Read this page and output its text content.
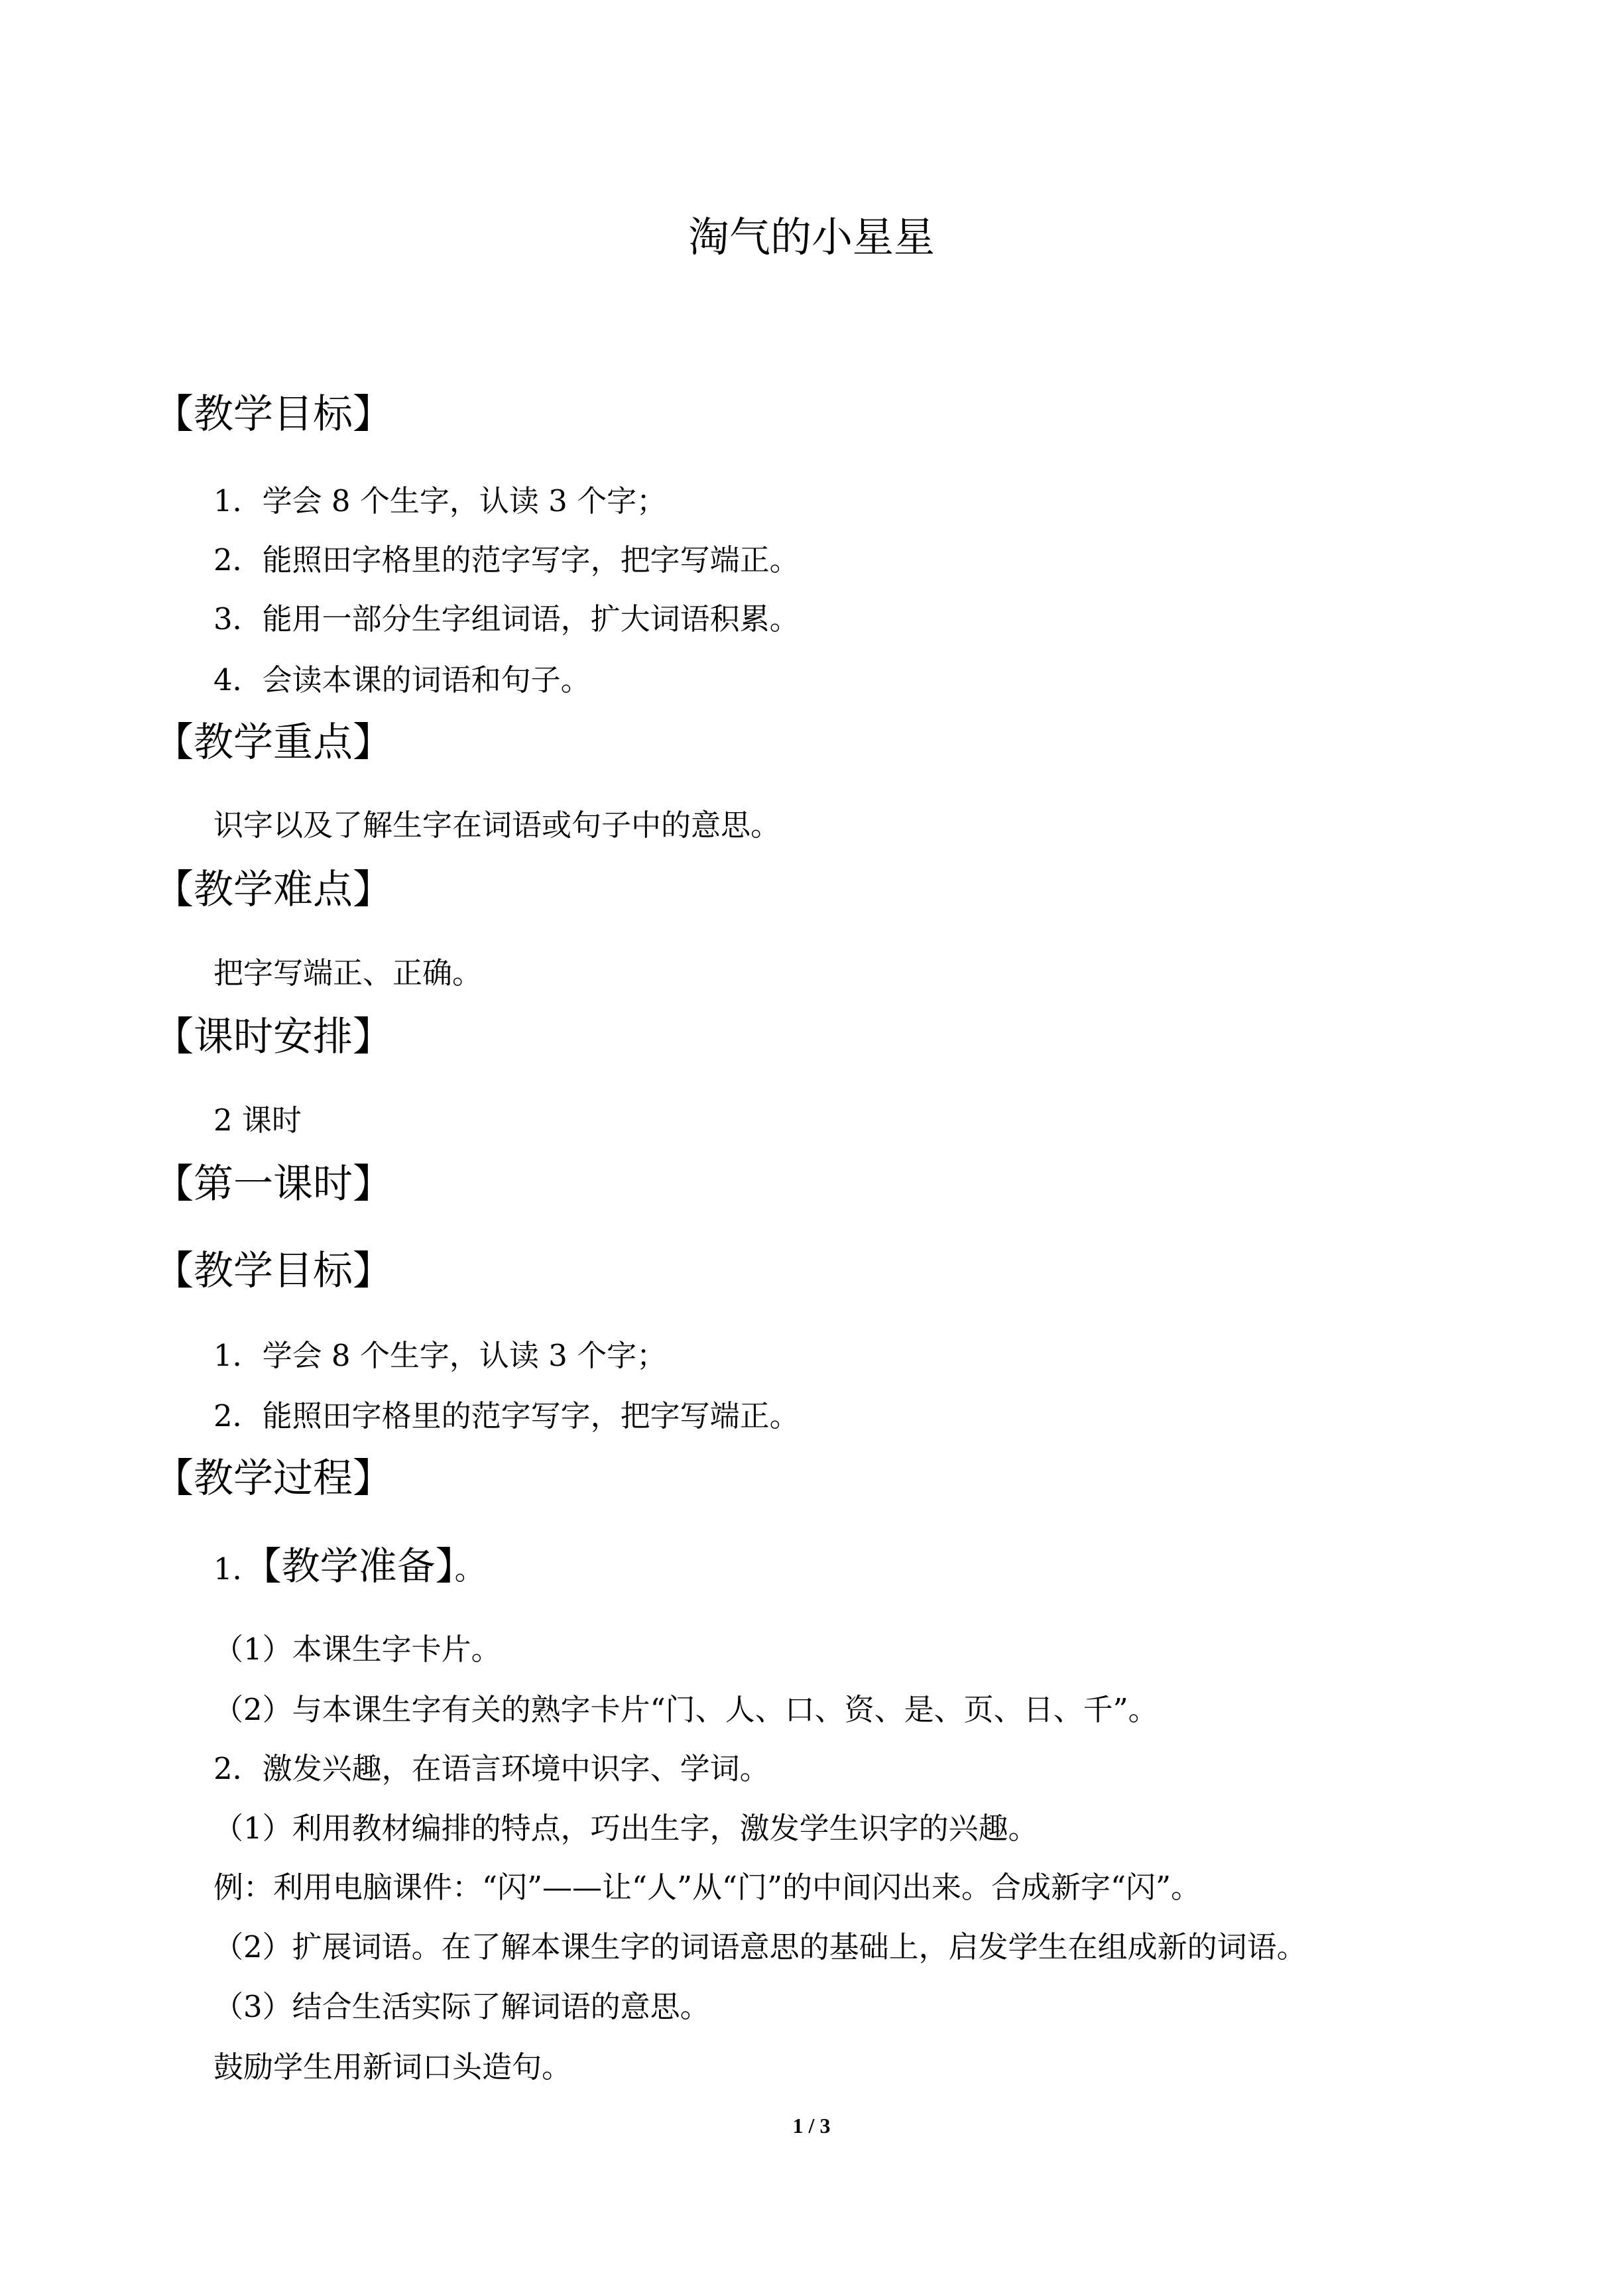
淘气的小星星
【教学目标】
1．学会 8 个生字，认读 3 个字；
2．能照田字格里的范字写字，把字写端正。
3．能用一部分生字组词语，扩大词语积累。
4．会读本课的词语和句子。
【教学重点】
识字以及了解生字在词语或句子中的意思。
【教学难点】
把字写端正、正确。
【课时安排】
2 课时
【第一课时】
【教学目标】
1．学会 8 个生字，认读 3 个字；
2．能照田字格里的范字写字，把字写端正。
【教学过程】
1．【教学准备】。
（1）本课生字卡片。
（2）与本课生字有关的熟字卡片“门、人、口、资、是、页、日、千”。
2．激发兴趣，在语言环境中识字、学词。
（1）利用教材编排的特点，巧出生字，激发学生识字的兴趣。
例：利用电脑课件：“闪”——让“人”从“门”的中间闪出来。合成新字“闪”。
（2）扩展词语。在了解本课生字的词语意思的基础上，启发学生在组成新的词语。
（3）结合生活实际了解词语的意思。
鼓励学生用新词口头造句。
1 / 3
